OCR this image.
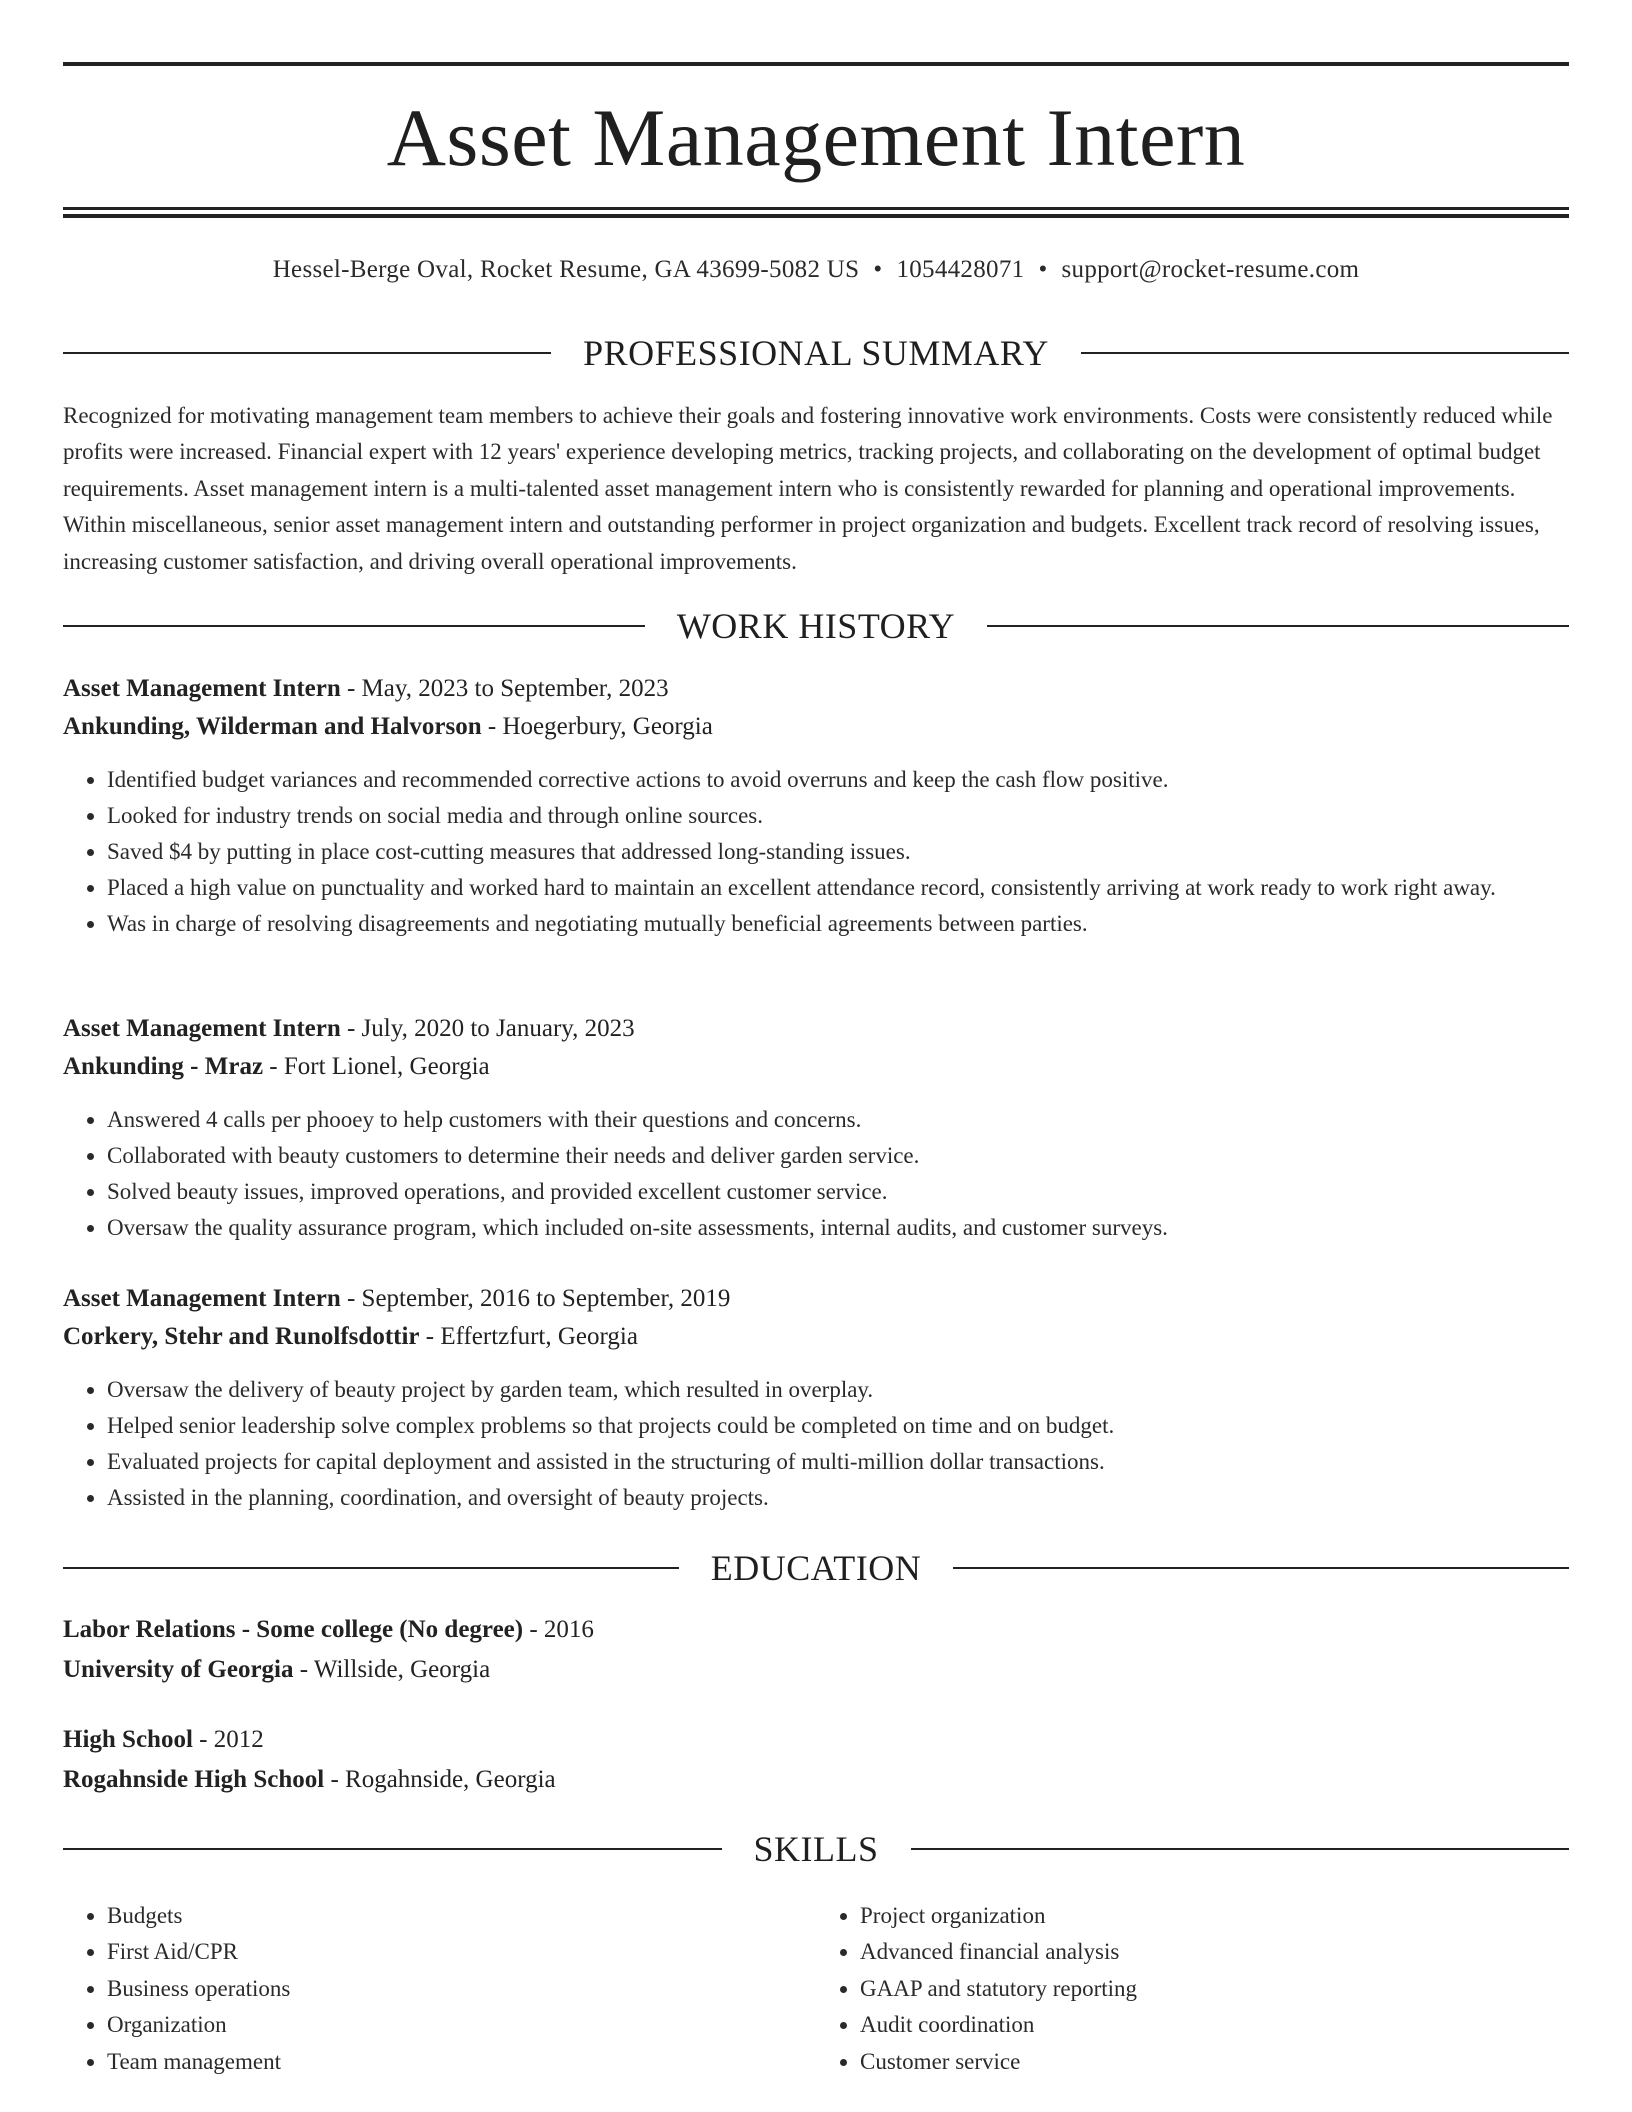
Asset Management Intern
Hessel-Berge Oval, Rocket Resume, GA 43699-5082 US • 1054428071 • support@rocket-resume.com
PROFESSIONAL SUMMARY

Recognized for motivating management team members to achieve their goals and fostering innovative work environments. Costs were consistently reduced while profits were increased. Financial expert with 12 years' experience developing metrics, tracking projects, and collaborating on the development of optimal budget requirements. Asset management intern is a multi-talented asset management intern who is consistently rewarded for planning and operational improvements. Within miscellaneous, senior asset management intern and outstanding performer in project organization and budgets. Excellent track record of resolving issues, increasing customer satisfaction, and driving overall operational improvements.

WORK HISTORY
Asset Management Intern - May, 2023 to September, 2023
Ankunding, Wilderman and Halvorson - Hoegerbury, Georgia
• Identified budget variances and recommended corrective actions to avoid overruns and keep the cash flow positive.
• Looked for industry trends on social media and through online sources.
• Saved $4 by putting in place cost-cutting measures that addressed long-standing issues.
• Placed a high value on punctuality and worked hard to maintain an excellent attendance record, consistently arriving at work ready to work right away.
• Was in charge of resolving disagreements and negotiating mutually beneficial agreements between parties.
Asset Management Intern - July, 2020 to January, 2023
Ankunding - Mraz - Fort Lionel, Georgia
• Answered 4 calls per phooey to help customers with their questions and concerns.
• Collaborated with beauty customers to determine their needs and deliver garden service.
• Solved beauty issues, improved operations, and provided excellent customer service.
• Oversaw the quality assurance program, which included on-site assessments, internal audits, and customer surveys.
Asset Management Intern - September, 2016 to September, 2019
Corkery, Stehr and Runolfsdottir - Effertzfurt, Georgia
• Oversaw the delivery of beauty project by garden team, which resulted in overplay.
• Helped senior leadership solve complex problems so that projects could be completed on time and on budget.
• Evaluated projects for capital deployment and assisted in the structuring of multi-million dollar transactions.
• Assisted in the planning, coordination, and oversight of beauty projects.
EDUCATION
Labor Relations - Some college (No degree) - 2016
University of Georgia - Willside, Georgia
High School - 2012
Rogahnside High School - Rogahnside, Georgia
SKILLS
• Budgets
• First Aid/CPR
• Business operations
• Organization
• Team management
• Project organization
• Advanced financial analysis
• GAAP and statutory reporting
• Audit coordination
• Customer service
